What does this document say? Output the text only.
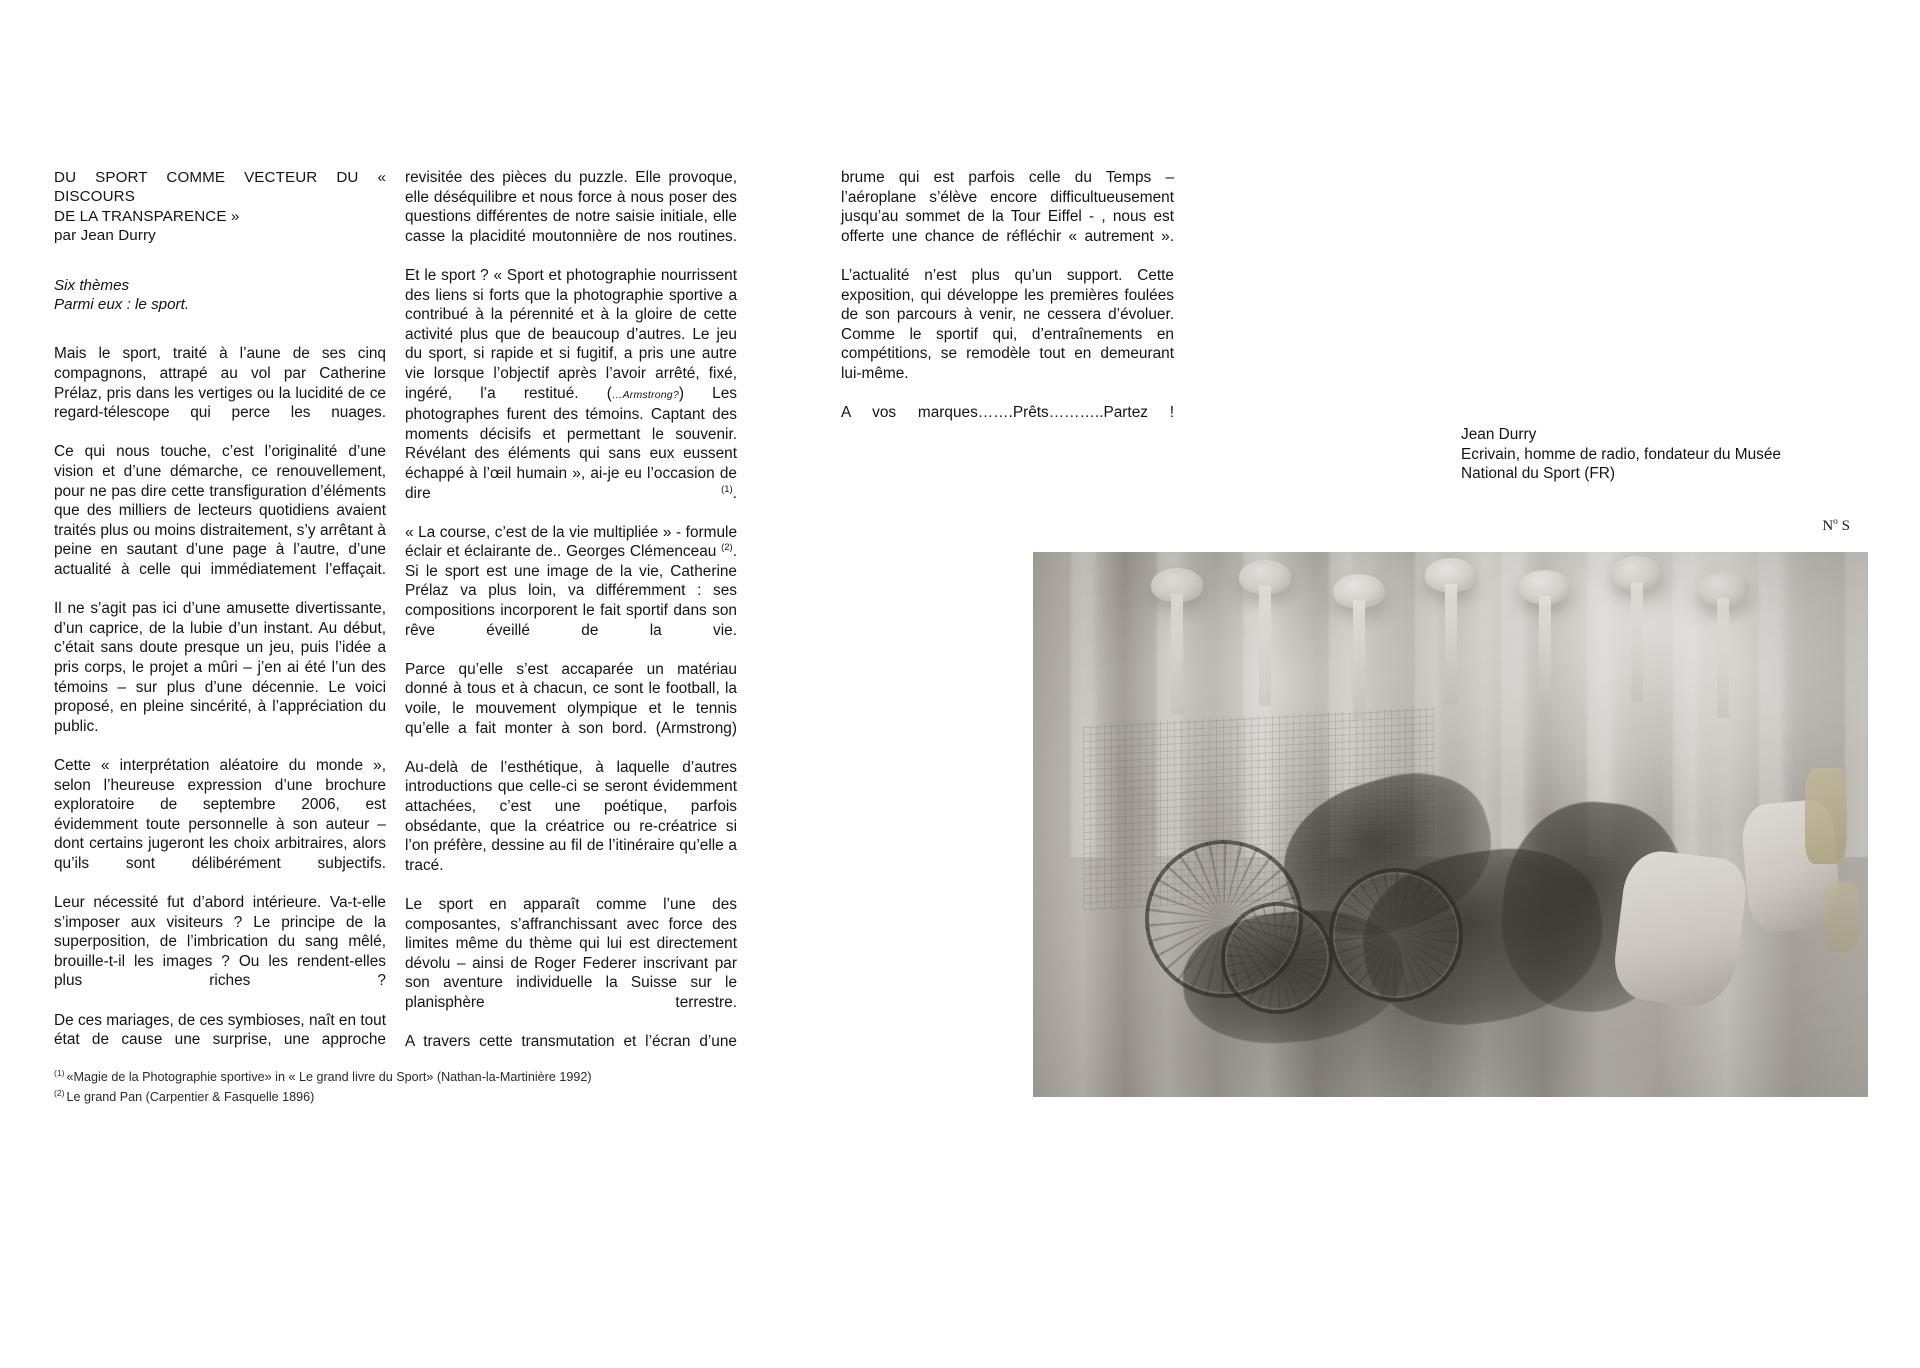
DU SPORT COMME VECTEUR DU « DISCOURS
DE LA TRANSPARENCE »
par Jean Durry

Six thèmes
Parmi eux : le sport.

Mais le sport, traité à l’aune de ses cinq compagnons, attrapé au vol par Catherine Prélaz, pris dans les vertiges ou la lucidité de ce regard-télescope qui perce les nuages.

Ce qui nous touche, c’est l’originalité d’une vision et d’une démarche, ce renouvellement, pour ne pas dire cette transfiguration d’éléments que des milliers de lecteurs quotidiens avaient traités plus ou moins distraitement, s’y arrêtant à peine en sautant d’une page à l’autre, d’une actualité à celle qui immédiatement l’effaçait.

Il ne s’agit pas ici d’une amusette divertissante, d’un caprice, de la lubie d’un instant. Au début, c’était sans doute presque un jeu, puis l’idée a pris corps, le projet a mûri – j’en ai été l’un des témoins – sur plus d’une décennie. Le voici proposé, en pleine sincérité, à l’appréciation du public.

Cette « interprétation aléatoire du monde », selon l’heureuse expression d’une brochure exploratoire de septembre 2006, est évidemment toute personnelle à son auteur – dont certains jugeront les choix arbitraires, alors qu’ils sont délibérément subjectifs.

Leur nécessité fut d’abord intérieure. Va-t-elle s’imposer aux visiteurs ? Le principe de la superposition, de l’imbrication du sang mêlé, brouille-t-il les images ? Ou les rendent-elles plus riches ?

De ces mariages, de ces symbioses, naît en tout état de cause une surprise, une approche

revisitée des pièces du puzzle. Elle provoque, elle déséquilibre et nous force à nous poser des questions différentes de notre saisie initiale, elle casse la placidité moutonnière de nos routines.

Et le sport ? « Sport et photographie nourrissent des liens si forts que la photographie sportive a contribué à la pérennité et à la gloire de cette activité plus que de beaucoup d’autres. Le jeu du sport, si rapide et si fugitif, a pris une autre vie lorsque l’objectif après l’avoir arrêté, fixé, ingéré, l’a restitué. (…Armstrong?) Les photographes furent des témoins. Captant des moments décisifs et permettant le souvenir. Révélant des éléments qui sans eux eussent échappé à l’œil humain », ai-je eu l’occasion de dire $^{(1)}$.

« La course, c’est de la vie multipliée » - formule éclair et éclairante de.. Georges Clémenceau $^{(2)}$. Si le sport est une image de la vie, Catherine Prélaz va plus loin, va différemment : ses compositions incorporent le fait sportif dans son rêve éveillé de la vie.

Parce qu’elle s’est accaparée un matériau donné à tous et à chacun, ce sont le football, la voile, le mouvement olympique et le tennis qu’elle a fait monter à son bord. (Armstrong)

Au-delà de l’esthétique, à laquelle d’autres introductions que celle-ci se seront évidemment attachées, c’est une poétique, parfois obsédante, que la créatrice ou re-créatrice si l’on préfère, dessine au fil de l’itinéraire qu’elle a tracé.

Le sport en apparaît comme l’une des composantes, s’affranchissant avec force des limites même du thème qui lui est directement dévolu – ainsi de Roger Federer inscrivant par son aventure individuelle la Suisse sur le planisphère terrestre.

A travers cette transmutation et l’écran d’une

brume qui est parfois celle du Temps – l’aéroplane s’élève encore difficultueusement jusqu’au sommet de la Tour Eiffel - , nous est offerte une chance de réfléchir « autrement ».

L’actualité n’est plus qu’un support. Cette exposition, qui développe les premières foulées de son parcours à venir, ne cessera d’évoluer. Comme le sportif qui, d’entraînements en compétitions, se remodèle tout en demeurant lui-même.

A vos marques…….Prêts………..Partez !

Jean Durry
Ecrivain, homme de radio, fondateur du Musée
National du Sport (FR)
$N^o$ S
$^{(1)}$ «Magie de la Photographie sportive» in « Le grand livre du Sport» (Nathan-la-Martinière 1992)
$^{(2)}$ Le grand Pan (Carpentier & Fasquelle 1896)
